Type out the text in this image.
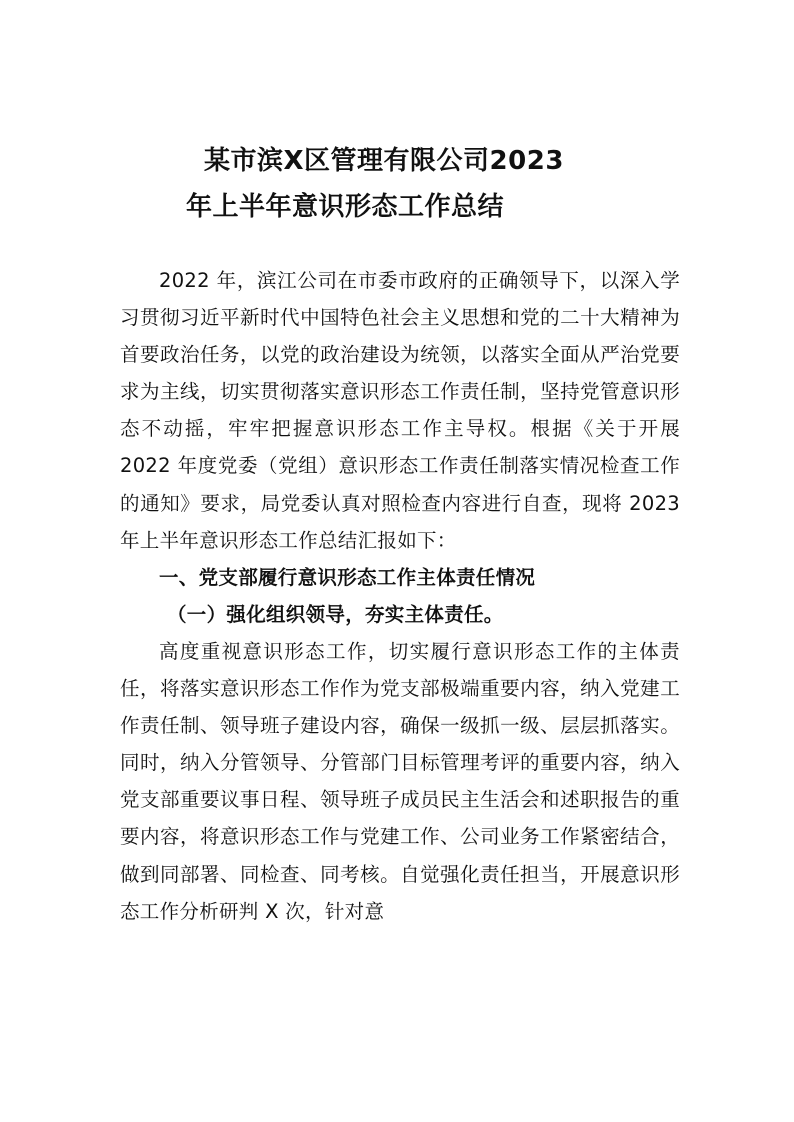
某市滨X区管理有限公司2023
年上半年意识形态工作总结

2022 年，滨江公司在市委市政府的正确领导下，以深入学习贯彻习近平新时代中国特色社会主义思想和党的二十大精神为首要政治任务，以党的政治建设为统领，以落实全面从严治党要求为主线，切实贯彻落实意识形态工作责任制，坚持党管意识形态不动摇，牢牢把握意识形态工作主导权。根据《关于开展 2022 年度党委（党组）意识形态工作责任制落实情况检查工作的通知》要求，局党委认真对照检查内容进行自查，现将 2023 年上半年意识形态工作总结汇报如下：

一、党支部履行意识形态工作主体责任情况

（一）强化组织领导，夯实主体责任。

高度重视意识形态工作，切实履行意识形态工作的主体责任，将落实意识形态工作作为党支部极端重要内容，纳入党建工作责任制、领导班子建设内容，确保一级抓一级、层层抓落实。同时，纳入分管领导、分管部门目标管理考评的重要内容，纳入党支部重要议事日程、领导班子成员民主生活会和述职报告的重要内容，将意识形态工作与党建工作、公司业务工作紧密结合，做到同部署、同检查、同考核。自觉强化责任担当，开展意识形态工作分析研判 X 次，针对意
